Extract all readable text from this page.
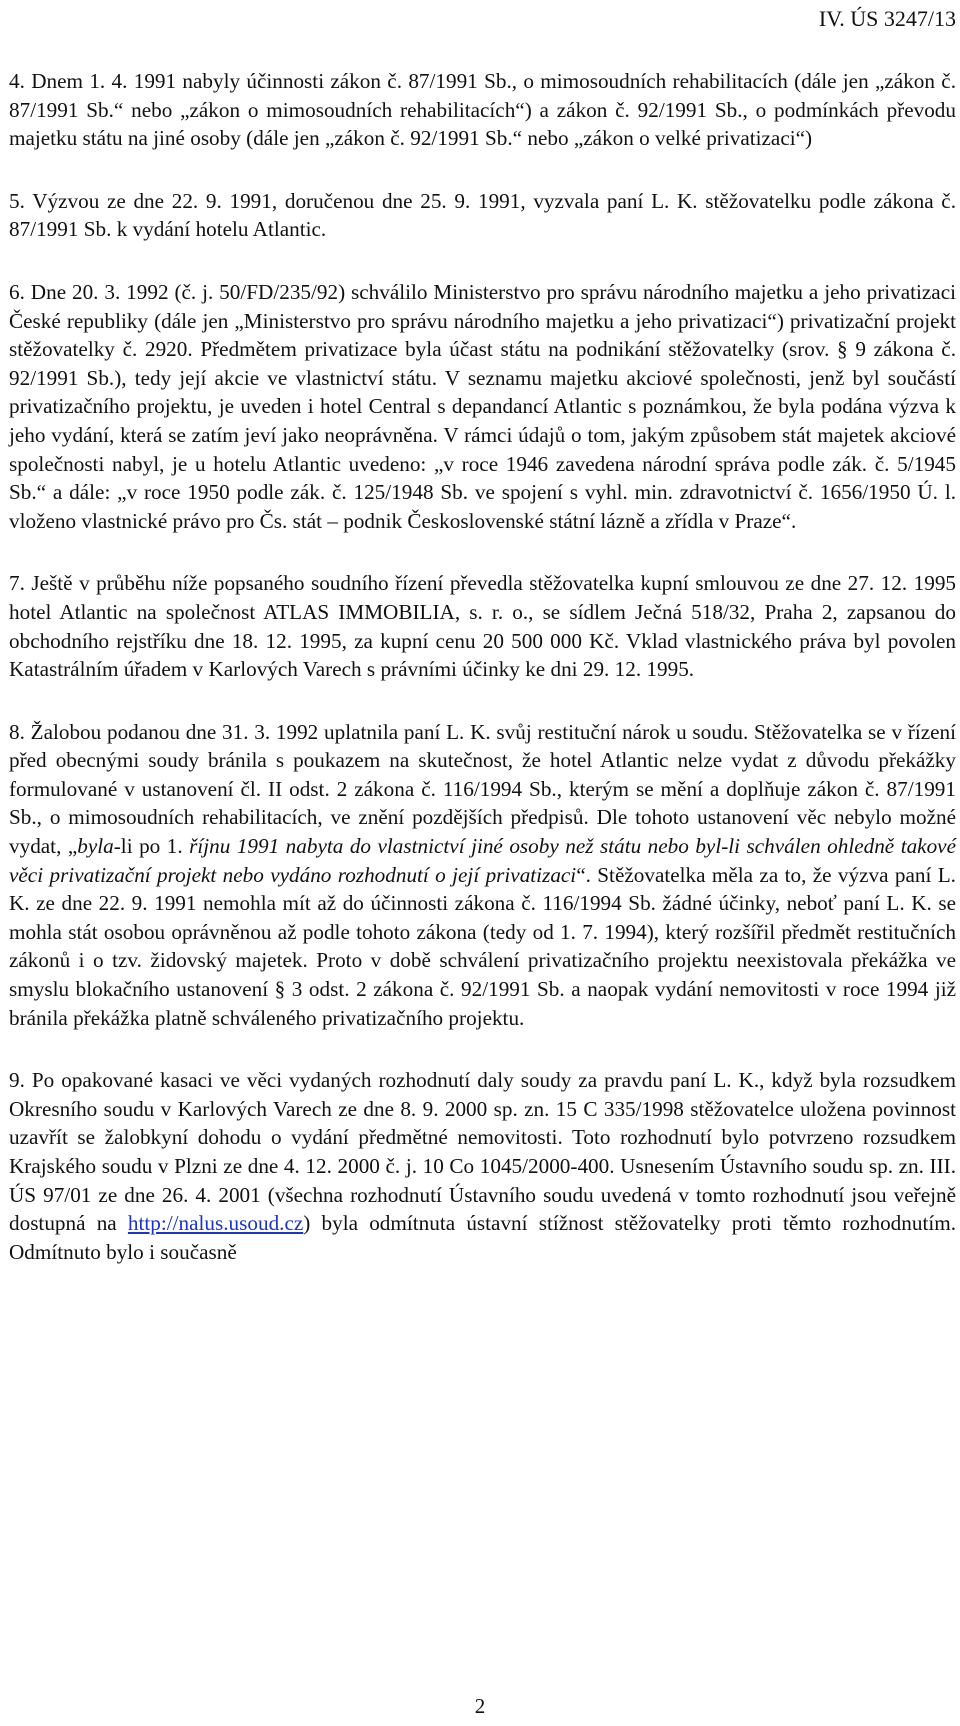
IV. ÚS 3247/13

4. Dnem 1. 4. 1991 nabyly účinnosti zákon č. 87/1991 Sb., o mimosoudních rehabilitacích (dále jen „zákon č. 87/1991 Sb.“ nebo „zákon o mimosoudních rehabilitacích“) a zákon č. 92/1991 Sb., o podmínkách převodu majetku státu na jiné osoby (dále jen „zákon č. 92/1991 Sb.“ nebo „zákon o velké privatizaci“)

5. Výzvou ze dne 22. 9. 1991, doručenou dne 25. 9. 1991, vyzvala paní L. K. stěžovatelku podle zákona č. 87/1991 Sb. k vydání hotelu Atlantic.

6. Dne 20. 3. 1992 (č. j. 50/FD/235/92) schválilo Ministerstvo pro správu národního majetku a jeho privatizaci České republiky (dále jen „Ministerstvo pro správu národního majetku a jeho privatizaci“) privatizační projekt stěžovatelky č. 2920. Předmětem privatizace byla účast státu na podnikání stěžovatelky (srov. § 9 zákona č. 92/1991 Sb.), tedy její akcie ve vlastnictví státu. V seznamu majetku akciové společnosti, jenž byl součástí privatizačního projektu, je uveden i hotel Central s depandancí Atlantic s poznámkou, že byla podána výzva k jeho vydání, která se zatím jeví jako neoprávněna. V rámci údajů o tom, jakým způsobem stát majetek akciové společnosti nabyl, je u hotelu Atlantic uvedeno: „v roce 1946 zavedena národní správa podle zák. č. 5/1945 Sb.“ a dále: „v roce 1950 podle zák. č. 125/1948 Sb. ve spojení s vyhl. min. zdravotnictví č. 1656/1950 Ú. l. vloženo vlastnické právo pro Čs. stát – podnik Československé státní lázně a zřídla v Praze“.

7. Ještě v průběhu níže popsaného soudního řízení převedla stěžovatelka kupní smlouvou ze dne 27. 12. 1995 hotel Atlantic na společnost ATLAS IMMOBILIA, s. r. o., se sídlem Ječná 518/32, Praha 2, zapsanou do obchodního rejstříku dne 18. 12. 1995, za kupní cenu 20 500 000 Kč. Vklad vlastnického práva byl povolen Katastrálním úřadem v Karlových Varech s právními účinky ke dni 29. 12. 1995.

8. Žalobou podanou dne 31. 3. 1992 uplatnila paní L. K. svůj restituční nárok u soudu. Stěžovatelka se v řízení před obecnými soudy bránila s poukazem na skutečnost, že hotel Atlantic nelze vydat z důvodu překážky formulované v ustanovení čl. II odst. 2 zákona č. 116/1994 Sb., kterým se mění a doplňuje zákon č. 87/1991 Sb., o mimosoudních rehabilitacích, ve znění pozdějších předpisů. Dle tohoto ustanovení věc nebylo možné vydat, „byla-li po 1. říjnu 1991 nabyta do vlastnictví jiné osoby než státu nebo byl-li schválen ohledně takové věci privatizační projekt nebo vydáno rozhodnutí o její privatizaci“. Stěžovatelka měla za to, že výzva paní L. K. ze dne 22. 9. 1991 nemohla mít až do účinnosti zákona č. 116/1994 Sb. žádné účinky, neboť paní L. K. se mohla stát osobou oprávněnou až podle tohoto zákona (tedy od 1. 7. 1994), který rozšířil předmět restitučních zákonů i o tzv. židovský majetek. Proto v době schválení privatizačního projektu neexistovala překážka ve smyslu blokačního ustanovení § 3 odst. 2 zákona č. 92/1991 Sb. a naopak vydání nemovitosti v roce 1994 již bránila překážka platně schváleného privatizačního projektu.

9. Po opakované kasaci ve věci vydaných rozhodnutí daly soudy za pravdu paní L. K., když byla rozsudkem Okresního soudu v Karlových Varech ze dne 8. 9. 2000 sp. zn. 15 C 335/1998 stěžovatelce uložena povinnost uzavřít se žalobkyní dohodu o vydání předmětné nemovitosti. Toto rozhodnutí bylo potvrzeno rozsudkem Krajského soudu v Plzni ze dne 4. 12. 2000 č. j. 10 Co 1045/2000-400. Usnesením Ústavního soudu sp. zn. III. ÚS 97/01 ze dne 26. 4. 2001 (všechna rozhodnutí Ústavního soudu uvedená v tomto rozhodnutí jsou veřejně dostupná na http://nalus.usoud.cz) byla odmítnuta ústavní stížnost stěžovatelky proti těmto rozhodnutím. Odmítnuto bylo i současně

2
